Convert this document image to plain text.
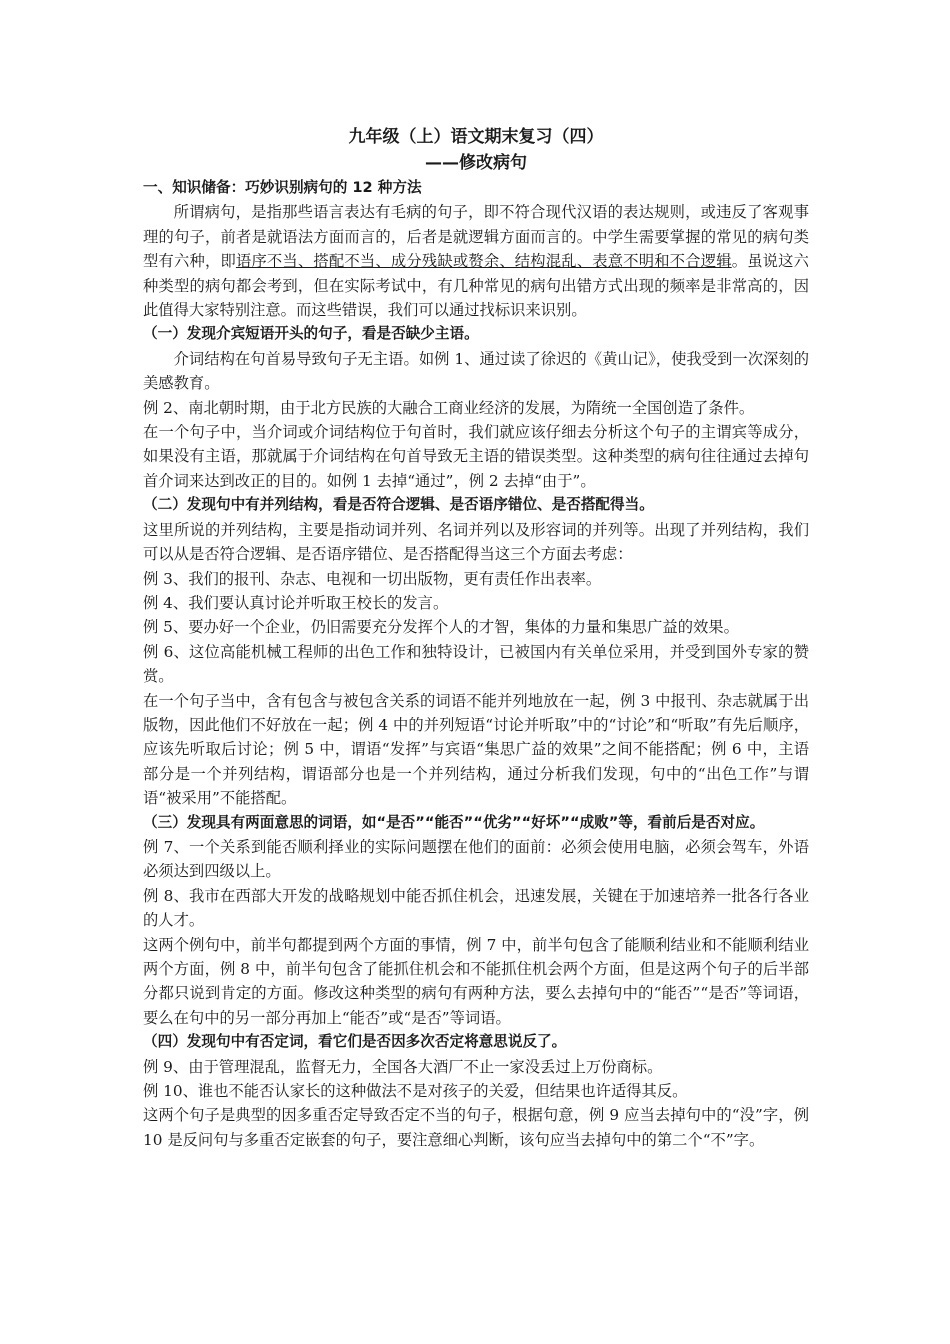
九年级（上）语文期末复习（四）

——修改病句

一、知识储备：巧妙识别病句的 12 种方法

所谓病句，是指那些语言表达有毛病的句子，即不符合现代汉语的表达规则，或违反了客观事理的句子，前者是就语法方面而言的，后者是就逻辑方面而言的。中学生需要掌握的常见的病句类型有六种，即语序不当、搭配不当、成分残缺或赘余、结构混乱、表意不明和不合逻辑。虽说这六种类型的病句都会考到，但在实际考试中，有几种常见的病句出错方式出现的频率是非常高的，因此值得大家特别注意。而这些错误，我们可以通过找标识来识别。

（一）发现介宾短语开头的句子，看是否缺少主语。

介词结构在句首易导致句子无主语。如例 1、通过读了徐迟的《黄山记》，使我受到一次深刻的美感教育。

例 2、南北朝时期，由于北方民族的大融合工商业经济的发展，为隋统一全国创造了条件。

在一个句子中，当介词或介词结构位于句首时，我们就应该仔细去分析这个句子的主谓宾等成分，如果没有主语，那就属于介词结构在句首导致无主语的错误类型。这种类型的病句往往通过去掉句首介词来达到改正的目的。如例 1 去掉“通过”，例 2 去掉“由于”。

（二）发现句中有并列结构，看是否符合逻辑、是否语序错位、是否搭配得当。

这里所说的并列结构，主要是指动词并列、名词并列以及形容词的并列等。出现了并列结构，我们可以从是否符合逻辑、是否语序错位、是否搭配得当这三个方面去考虑：

例 3、我们的报刊、杂志、电视和一切出版物，更有责任作出表率。

例 4、我们要认真讨论并听取王校长的发言。

例 5、要办好一个企业，仍旧需要充分发挥个人的才智，集体的力量和集思广益的效果。

例 6、这位高能机械工程师的出色工作和独特设计，已被国内有关单位采用，并受到国外专家的赞赏。

在一个句子当中，含有包含与被包含关系的词语不能并列地放在一起，例 3 中报刊、杂志就属于出版物，因此他们不好放在一起；例 4 中的并列短语“讨论并听取”中的“讨论”和“听取”有先后顺序，应该先听取后讨论；例 5 中，谓语“发挥”与宾语“集思广益的效果”之间不能搭配；例 6 中，主语部分是一个并列结构，谓语部分也是一个并列结构，通过分析我们发现，句中的“出色工作”与谓语“被采用”不能搭配。

（三）发现具有两面意思的词语，如“是否”“能否”“优劣”“好坏”“成败”等，看前后是否对应。

例 7、一个关系到能否顺利择业的实际问题摆在他们的面前：必须会使用电脑，必须会驾车，外语必须达到四级以上。

例 8、我市在西部大开发的战略规划中能否抓住机会，迅速发展，关键在于加速培养一批各行各业的人才。

这两个例句中，前半句都提到两个方面的事情，例 7 中，前半句包含了能顺利结业和不能顺利结业两个方面，例 8 中，前半句包含了能抓住机会和不能抓住机会两个方面，但是这两个句子的后半部分都只说到肯定的方面。修改这种类型的病句有两种方法，要么去掉句中的“能否”“是否”等词语，要么在句中的另一部分再加上“能否”或“是否”等词语。

（四）发现句中有否定词，看它们是否因多次否定将意思说反了。

例 9、由于管理混乱，监督无力，全国各大酒厂不止一家没丢过上万份商标。

例 10、谁也不能否认家长的这种做法不是对孩子的关爱，但结果也许适得其反。

这两个句子是典型的因多重否定导致否定不当的句子，根据句意，例 9 应当去掉句中的“没”字，例 10 是反问句与多重否定嵌套的句子，要注意细心判断，该句应当去掉句中的第二个“不”字。
